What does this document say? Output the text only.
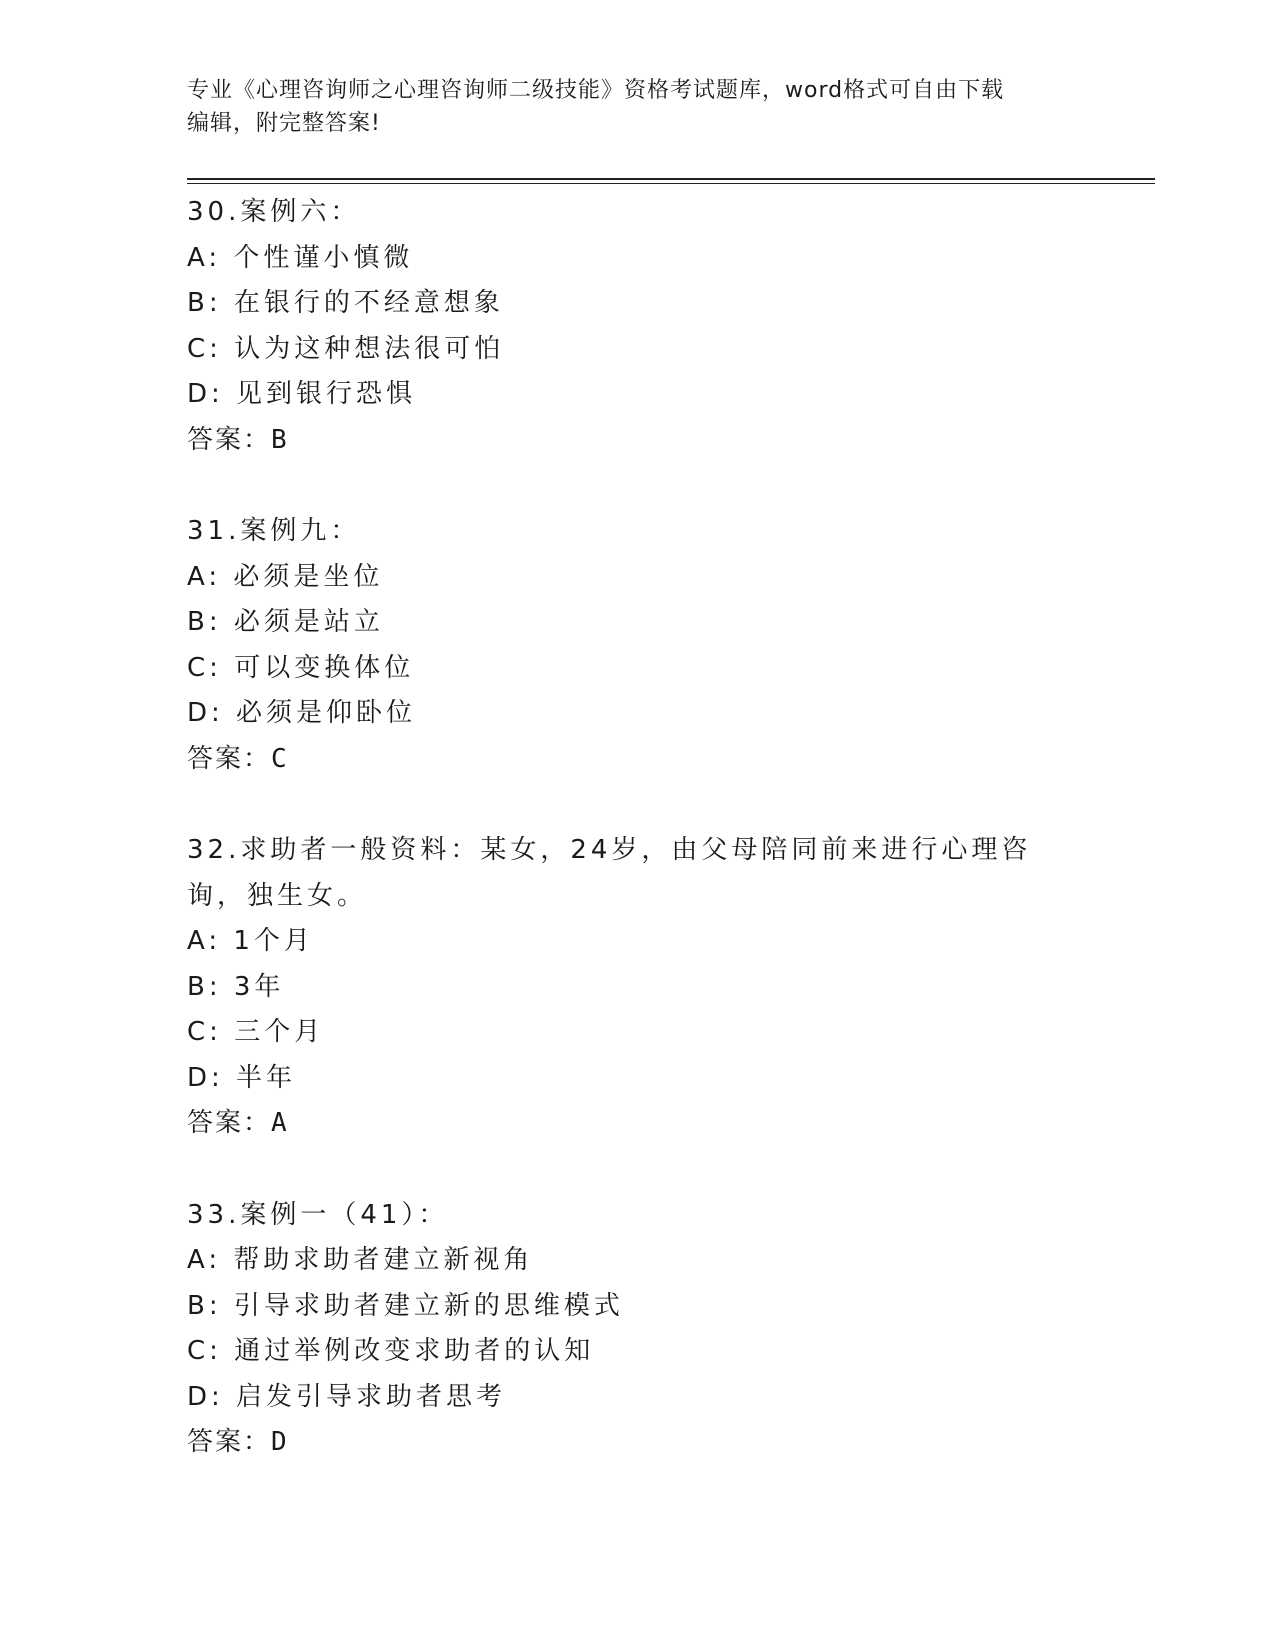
专业《心理咨询师之心理咨询师二级技能》资格考试题库，word格式可自由下载
编辑，附完整答案!
30.案例六：
A: 个性谨小慎微
B: 在银行的不经意想象
C: 认为这种想法很可怕
D: 见到银行恐惧
答案：B
31.案例九：
A: 必须是坐位
B: 必须是站立
C: 可以变换体位
D: 必须是仰卧位
答案：C
32.求助者一般资料：某女，24岁，由父母陪同前来进行心理咨询，独生女。
A: 1个月
B: 3年
C: 三个月
D: 半年
答案：A
33.案例一（41）：
A: 帮助求助者建立新视角
B: 引导求助者建立新的思维模式
C: 通过举例改变求助者的认知
D: 启发引导求助者思考
答案：D
